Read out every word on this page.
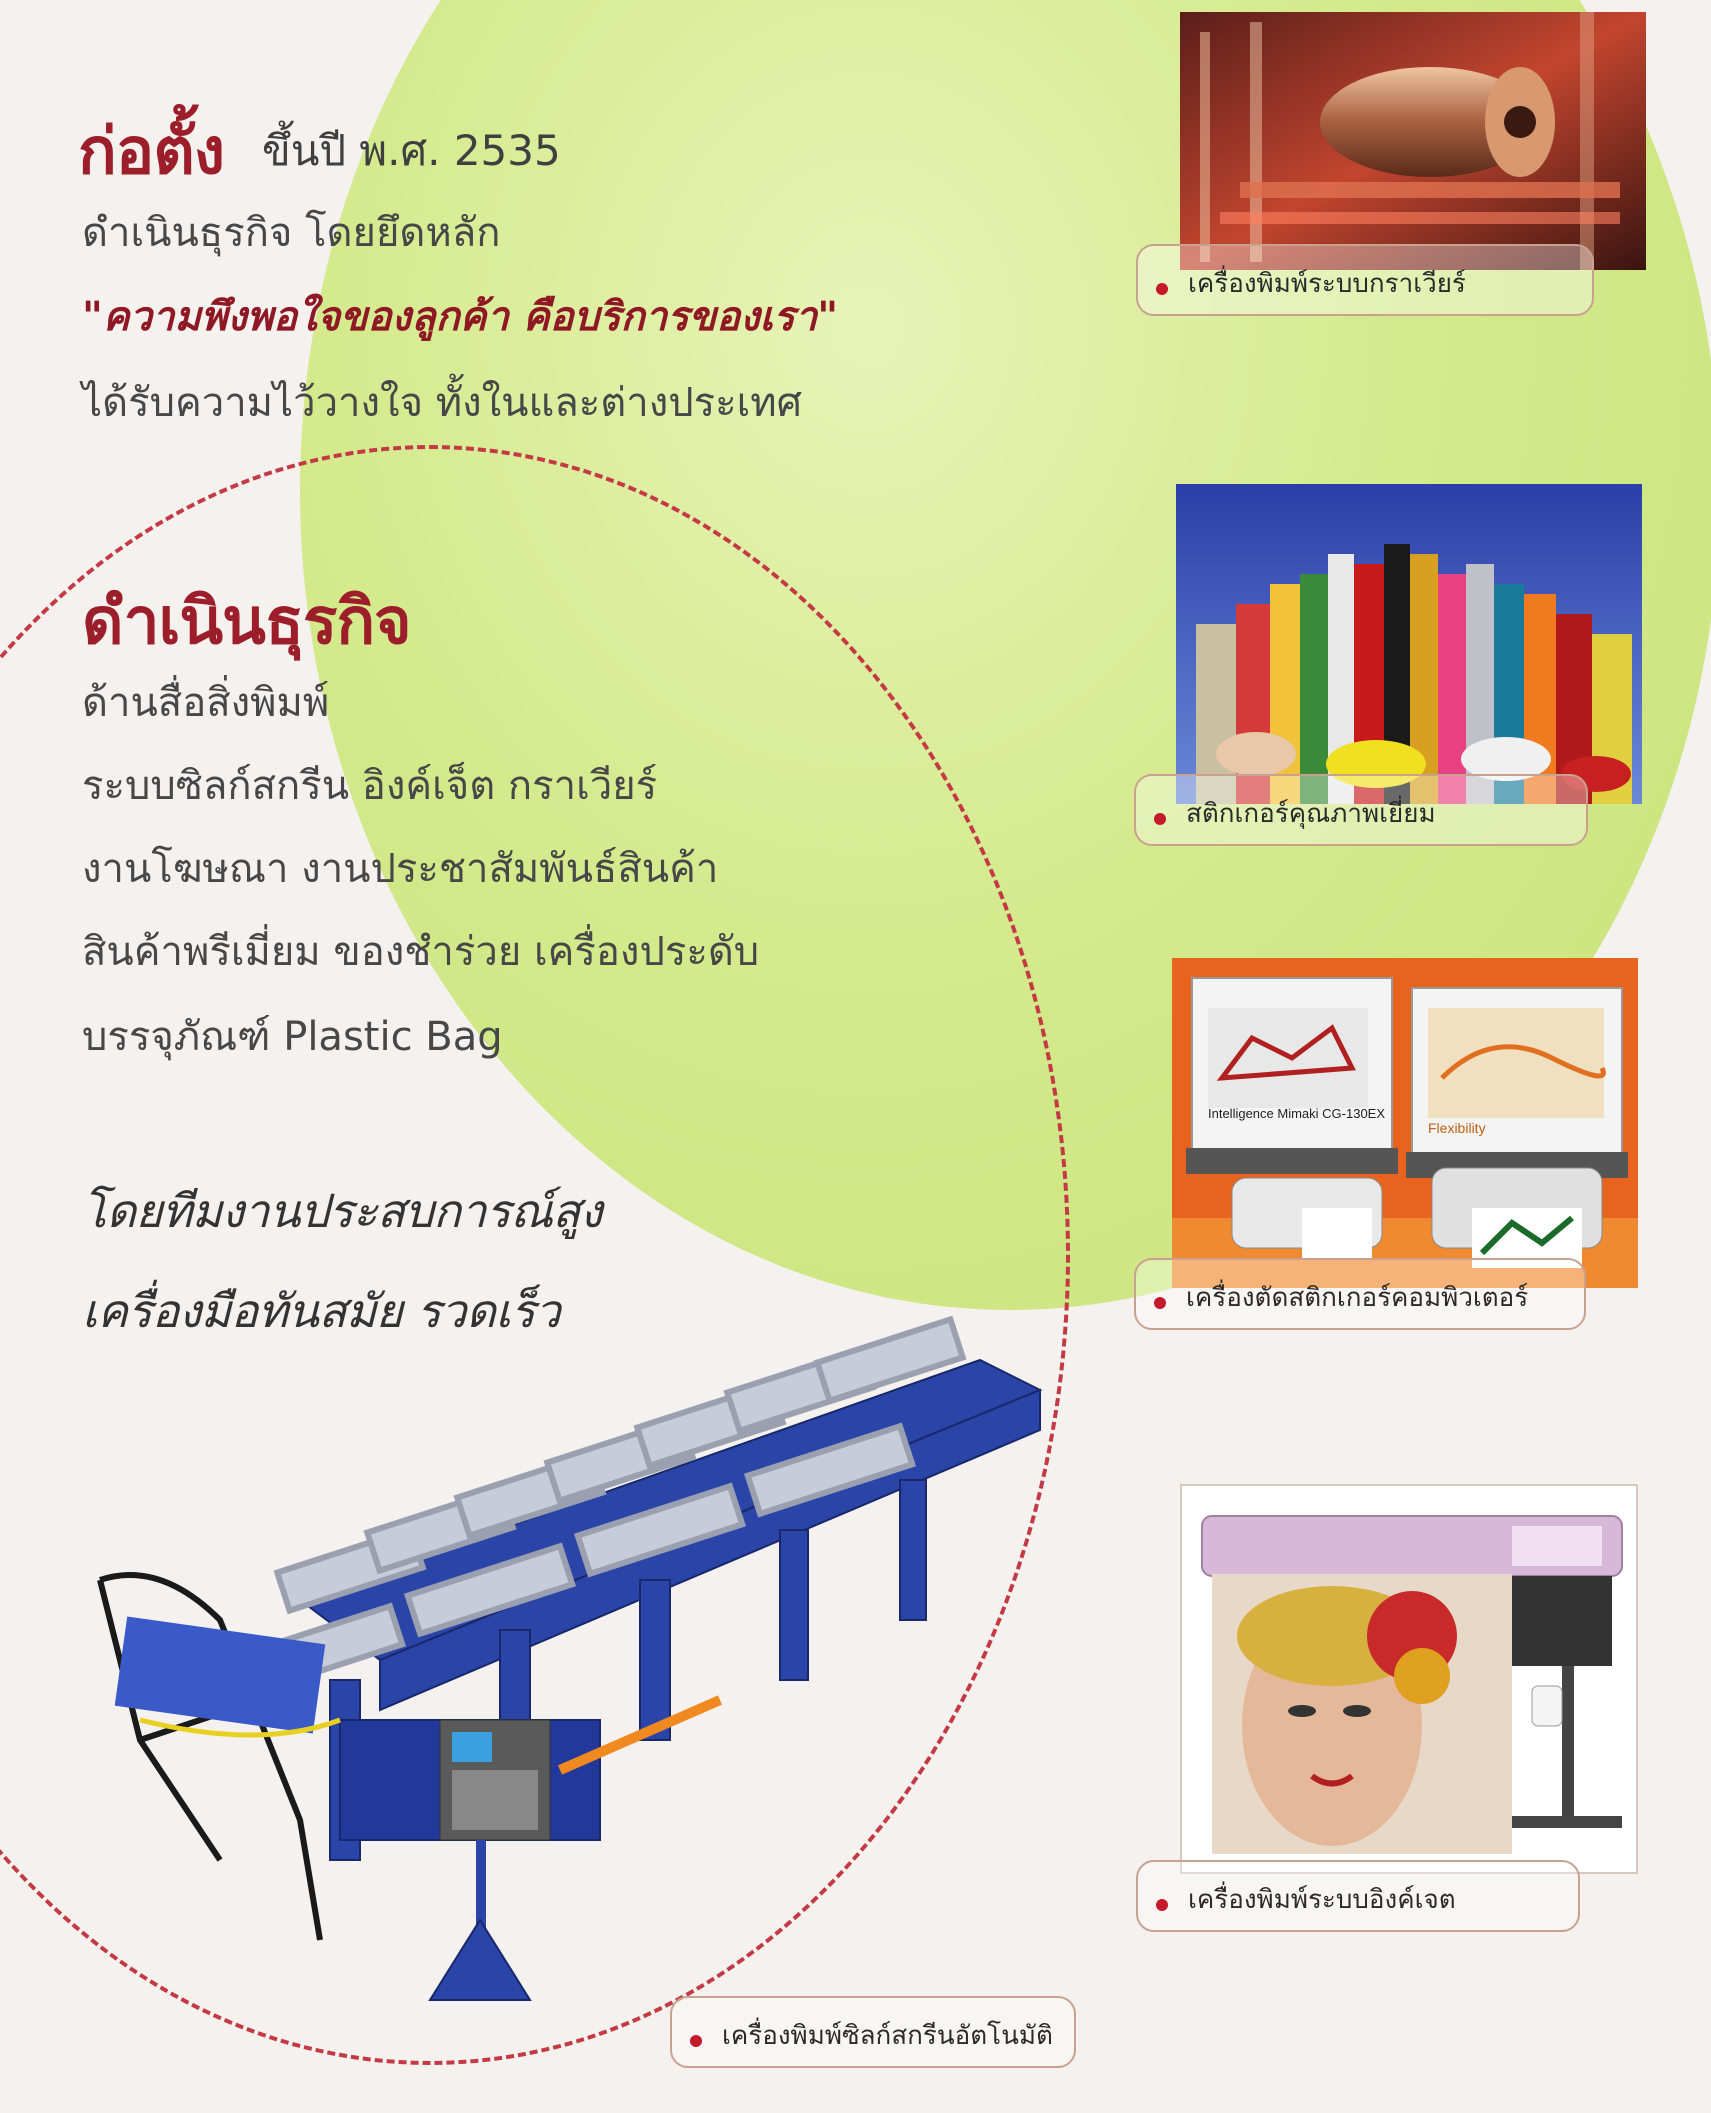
ก่อตั้ง ขึ้นปี พ.ศ. 2535
ดำเนินธุรกิจ โดยยึดหลัก
"ความพึงพอใจของลูกค้า คือบริการของเรา"
ได้รับความไว้วางใจ ทั้งในและต่างประเทศ
ดำเนินธุรกิจ
ด้านสื่อสิ่งพิมพ์
ระบบซิลก์สกรีน อิงค์เจ็ต กราเวียร์
งานโฆษณา งานประชาสัมพันธ์สินค้า
สินค้าพรีเมี่ยม ของชำร่วย เครื่องประดับ
บรรจุภัณฑ์ Plastic Bag
โดยทีมงานประสบการณ์สูง
เครื่องมือทันสมัย รวดเร็ว
เครื่องพิมพ์ระบบกราเวียร์
สติกเกอร์คุณภาพเยี่ยม
Intelligence Mimaki CG-130EX
Flexibility
เครื่องตัดสติกเกอร์คอมพิวเตอร์
เครื่องพิมพ์ระบบอิงค์เจต
เครื่องพิมพ์ซิลก์สกรีนอัตโนมัติ
